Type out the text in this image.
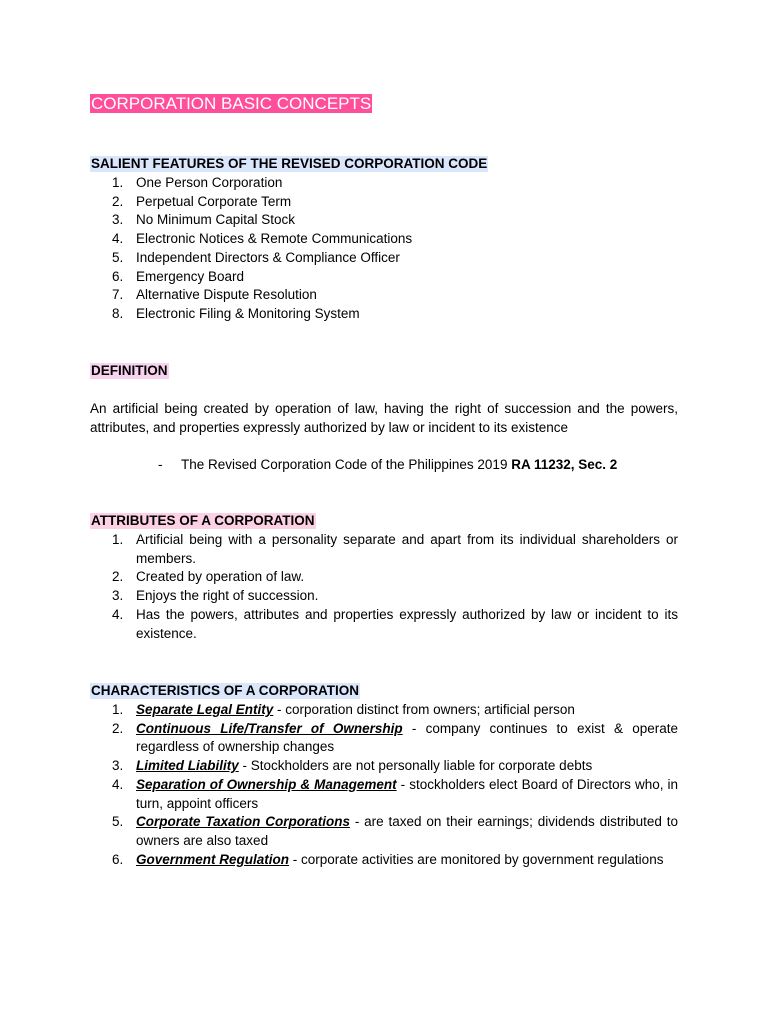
CORPORATION BASIC CONCEPTS
SALIENT FEATURES OF THE REVISED CORPORATION CODE
1. One Person Corporation
2. Perpetual Corporate Term
3. No Minimum Capital Stock
4. Electronic Notices & Remote Communications
5. Independent Directors & Compliance Officer
6. Emergency Board
7. Alternative Dispute Resolution
8. Electronic Filing & Monitoring System
DEFINITION

An artificial being created by operation of law, having the right of succession and the powers, attributes, and properties expressly authorized by law or incident to its existence

- The Revised Corporation Code of the Philippines 2019 RA 11232, Sec. 2

ATTRIBUTES OF A CORPORATION
1. Artificial being with a personality separate and apart from its individual shareholders or members.
2. Created by operation of law.
3. Enjoys the right of succession.
4. Has the powers, attributes and properties expressly authorized by law or incident to its existence.
CHARACTERISTICS OF A CORPORATION
1. Separate Legal Entity - corporation distinct from owners; artificial person
2. Continuous Life/Transfer of Ownership - company continues to exist & operate regardless of ownership changes
3. Limited Liability - Stockholders are not personally liable for corporate debts
4. Separation of Ownership & Management - stockholders elect Board of Directors who, in turn, appoint officers
5. Corporate Taxation Corporations - are taxed on their earnings; dividends distributed to owners are also taxed
6. Government Regulation - corporate activities are monitored by government regulations
